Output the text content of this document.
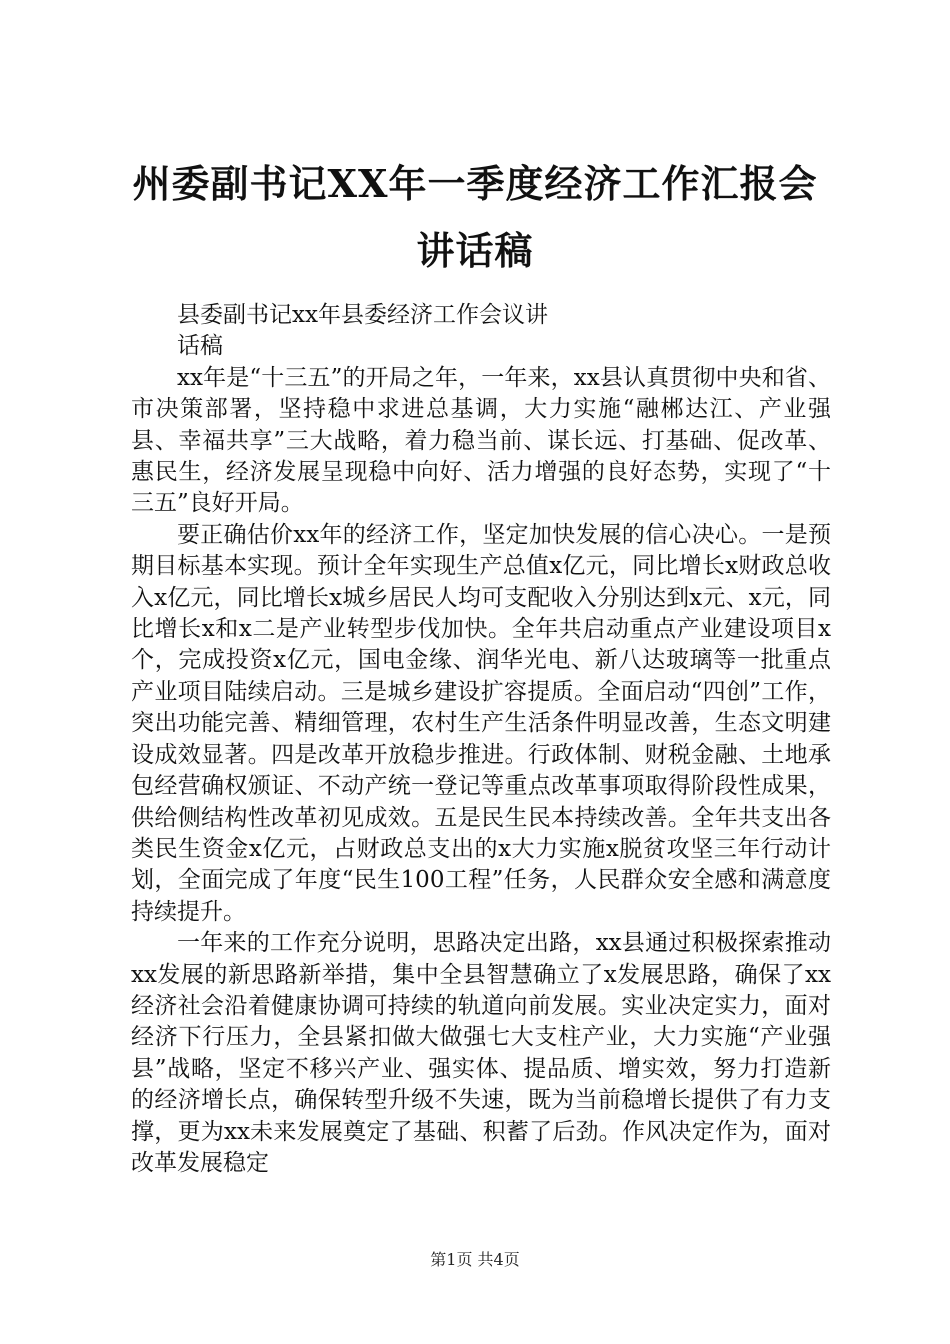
州委副书记XX年一季度经济工作汇报会讲话稿

县委副书记xx年县委经济工作会议讲

话稿

xx年是“十三五”的开局之年，一年来，xx县认真贯彻中央和省、市决策部署，坚持稳中求进总基调，大力实施“融郴达江、产业强县、幸福共享”三大战略，着力稳当前、谋长远、打基础、促改革、惠民生，经济发展呈现稳中向好、活力增强的良好态势，实现了“十三五”良好开局。

要正确估价xx年的经济工作，坚定加快发展的信心决心。一是预期目标基本实现。预计全年实现生产总值x亿元，同比增长x财政总收入x亿元，同比增长x城乡居民人均可支配收入分别达到x元、x元，同比增长x和x二是产业转型步伐加快。全年共启动重点产业建设项目x个，完成投资x亿元，国电金缘、润华光电、新八达玻璃等一批重点产业项目陆续启动。三是城乡建设扩容提质。全面启动“四创”工作，突出功能完善、精细管理，农村生产生活条件明显改善，生态文明建设成效显著。四是改革开放稳步推进。行政体制、财税金融、土地承包经营确权颁证、不动产统一登记等重点改革事项取得阶段性成果，供给侧结构性改革初见成效。五是民生民本持续改善。全年共支出各类民生资金x亿元，占财政总支出的x大力实施x脱贫攻坚三年行动计划，全面完成了年度“民生100工程”任务，人民群众安全感和满意度持续提升。

一年来的工作充分说明，思路决定出路，xx县通过积极探索推动xx发展的新思路新举措，集中全县智慧确立了x发展思路，确保了xx经济社会沿着健康协调可持续的轨道向前发展。实业决定实力，面对经济下行压力，全县紧扣做大做强七大支柱产业，大力实施“产业强县”战略，坚定不移兴产业、强实体、提品质、增实效，努力打造新的经济增长点，确保转型升级不失速，既为当前稳增长提供了有力支撑，更为xx未来发展奠定了基础、积蓄了后劲。作风决定作为，面对改革发展稳定

第1页 共4页
